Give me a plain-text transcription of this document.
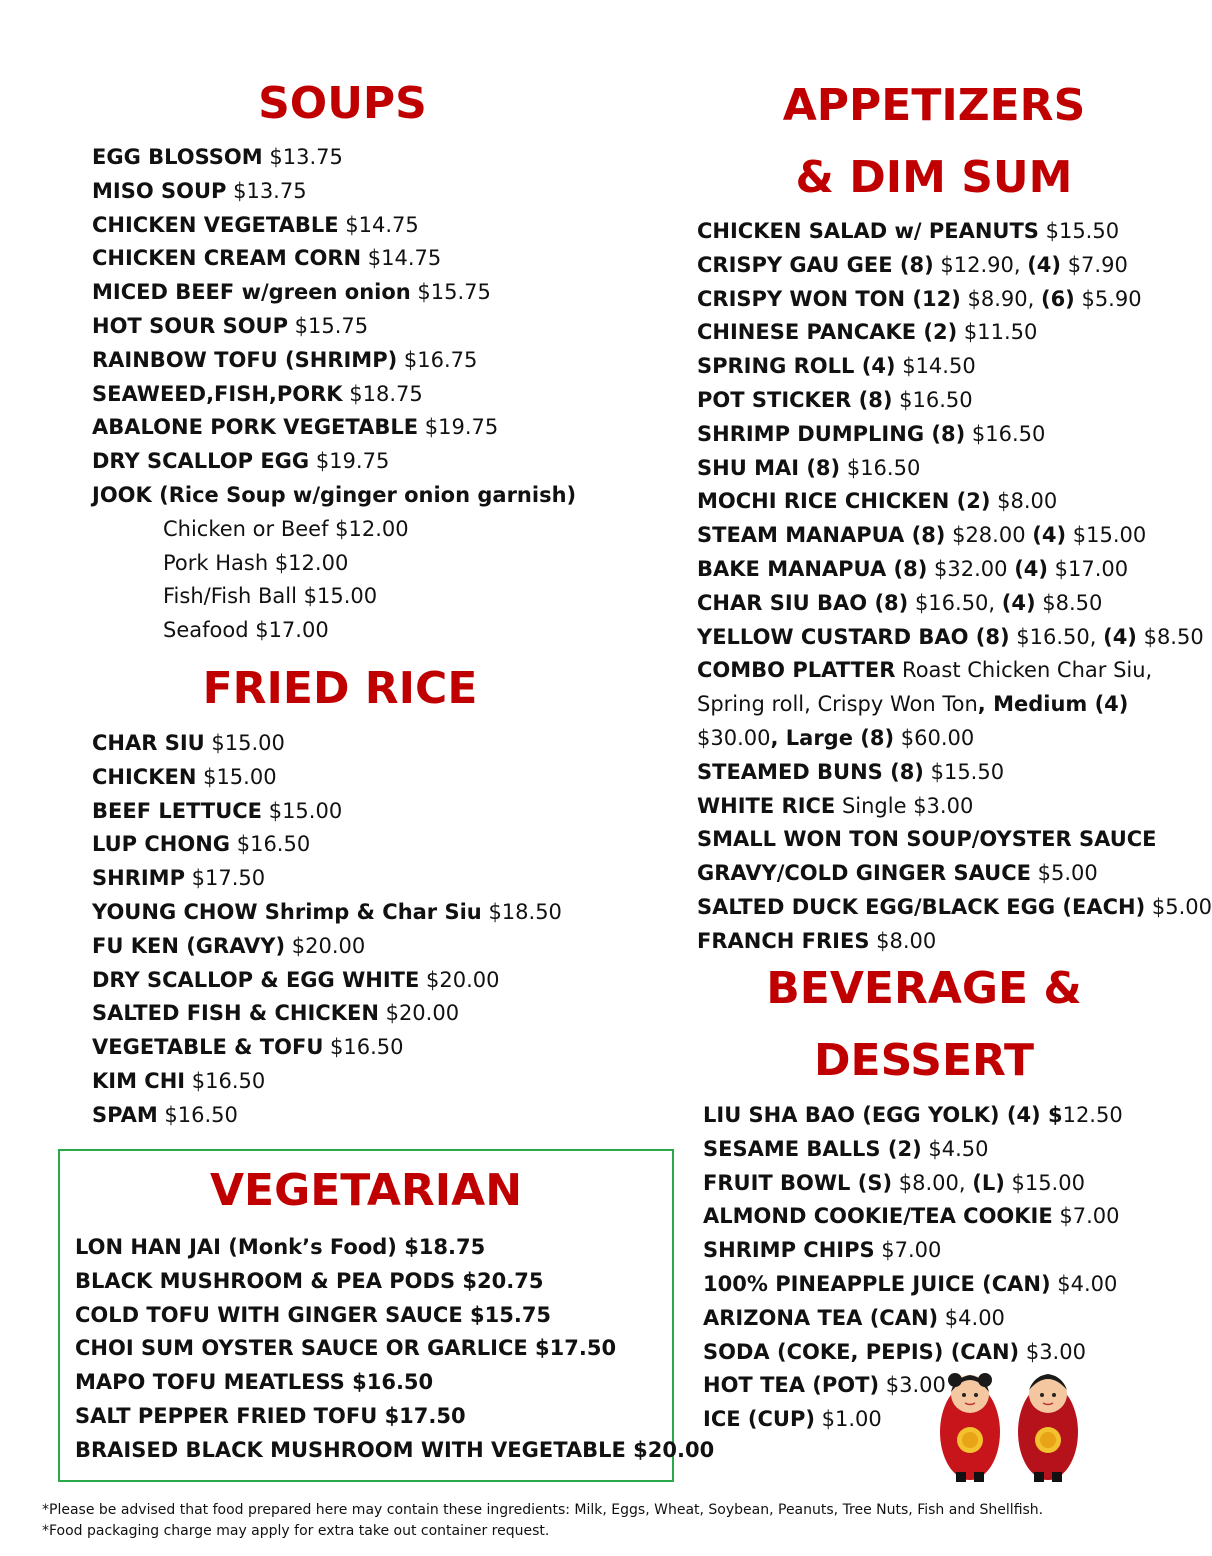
SOUPS
EGG BLOSSOM $13.75
MISO SOUP $13.75
CHICKEN VEGETABLE $14.75
CHICKEN CREAM CORN $14.75
MICED BEEF w/green onion $15.75
HOT SOUR SOUP $15.75
RAINBOW TOFU (SHRIMP) $16.75
SEAWEED,FISH,PORK $18.75
ABALONE PORK VEGETABLE $19.75
DRY SCALLOP EGG $19.75
JOOK (Rice Soup w/ginger onion garnish)
Chicken or Beef $12.00
Pork Hash $12.00
Fish/Fish Ball $15.00
Seafood $17.00
FRIED RICE
CHAR SIU $15.00
CHICKEN $15.00
BEEF LETTUCE $15.00
LUP CHONG $16.50
SHRIMP $17.50
YOUNG CHOW Shrimp & Char Siu $18.50
FU KEN (GRAVY) $20.00
DRY SCALLOP & EGG WHITE $20.00
SALTED FISH & CHICKEN $20.00
VEGETABLE & TOFU $16.50
KIM CHI $16.50
SPAM $16.50
VEGETARIAN
LON HAN JAI (Monk’s Food) $18.75
BLACK MUSHROOM & PEA PODS $20.75
COLD TOFU WITH GINGER SAUCE $15.75
CHOI SUM OYSTER SAUCE OR GARLICE $17.50
MAPO TOFU MEATLESS $16.50
SALT PEPPER FRIED TOFU $17.50
BRAISED BLACK MUSHROOM WITH VEGETABLE $20.00
APPETIZERS
& DIM SUM
CHICKEN SALAD w/ PEANUTS $15.50
CRISPY GAU GEE (8) $12.90, (4) $7.90
CRISPY WON TON (12) $8.90, (6) $5.90
CHINESE PANCAKE (2) $11.50
SPRING ROLL (4) $14.50
POT STICKER (8) $16.50
SHRIMP DUMPLING (8) $16.50
SHU MAI (8) $16.50
MOCHI RICE CHICKEN (2) $8.00
STEAM MANAPUA (8) $28.00 (4) $15.00
BAKE MANAPUA (8) $32.00 (4) $17.00
CHAR SIU BAO (8) $16.50, (4) $8.50
YELLOW CUSTARD BAO (8) $16.50, (4) $8.50
COMBO PLATTER Roast Chicken Char Siu,
Spring roll, Crispy Won Ton, Medium (4)
$30.00, Large (8) $60.00
STEAMED BUNS (8) $15.50
WHITE RICE Single $3.00
SMALL WON TON SOUP/OYSTER SAUCE
GRAVY/COLD GINGER SAUCE $5.00
SALTED DUCK EGG/BLACK EGG (EACH) $5.00
FRANCH FRIES $8.00
BEVERAGE &
DESSERT
LIU SHA BAO (EGG YOLK) (4) $12.50
SESAME BALLS (2) $4.50
FRUIT BOWL (S) $8.00, (L) $15.00
ALMOND COOKIE/TEA COOKIE $7.00
SHRIMP CHIPS $7.00
100% PINEAPPLE JUICE (CAN) $4.00
ARIZONA TEA (CAN) $4.00
SODA (COKE, PEPIS) (CAN) $3.00
HOT TEA (POT) $3.00
ICE (CUP) $1.00
*Please be advised that food prepared here may contain these ingredients: Milk, Eggs, Wheat, Soybean, Peanuts, Tree Nuts, Fish and Shellfish.
*Food packaging charge may apply for extra take out container request.
